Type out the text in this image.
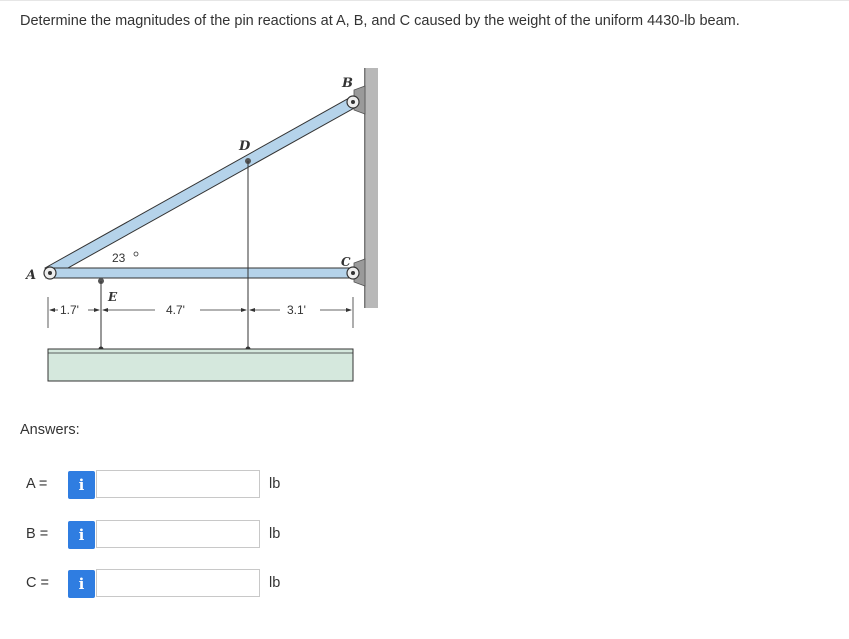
Determine the magnitudes of the pin reactions at A, B, and C caused by the weight of the uniform 4430-lb beam.
1.7'	4.7'	3.1'
23
A
B
C
D
E
Answers:
A =	i	lb
B =	i	lb
C =	i	lb
